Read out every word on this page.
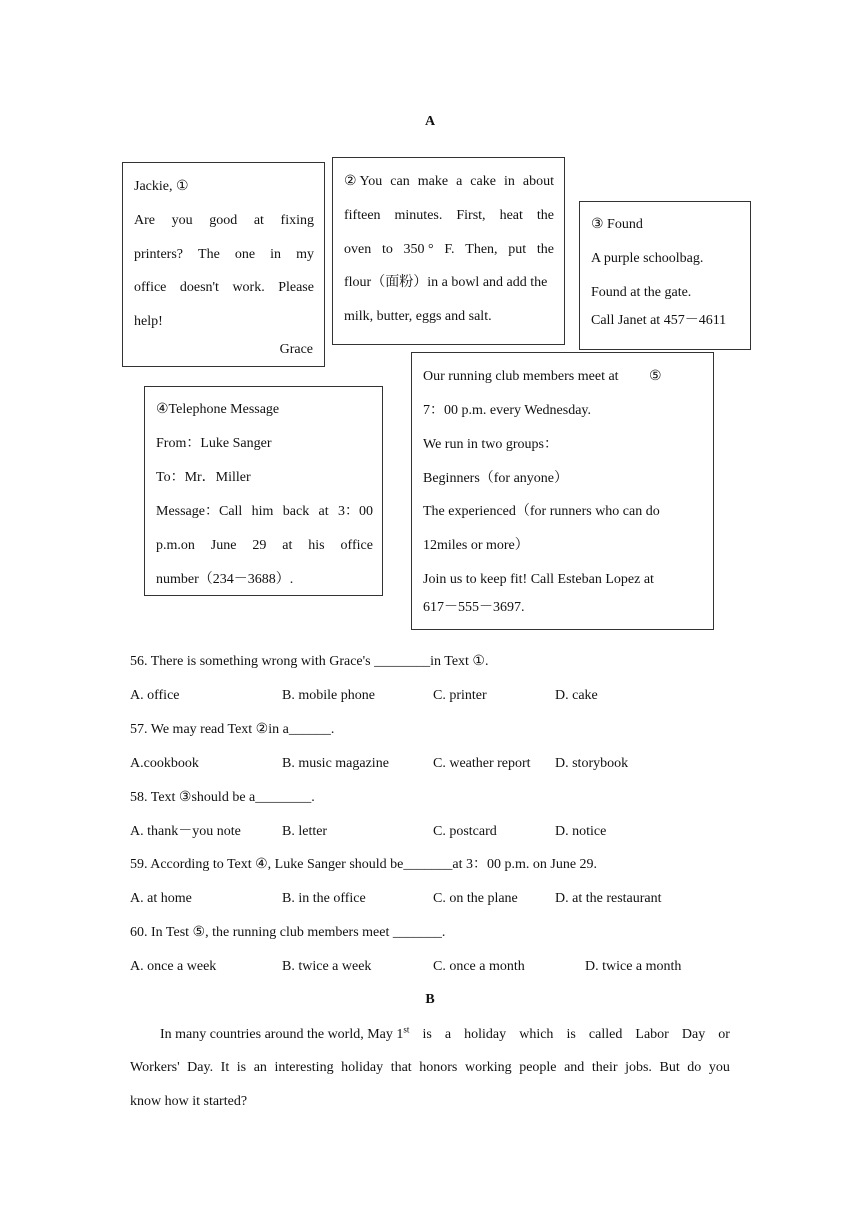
A
Jackie, ①
Are you good at fixing
printers? The one in my
office doesn't work. Please
help!
Grace
② You can make a cake in about
fifteen minutes. First, heat the
oven to 350 ° F. Then, put the
flour（面粉）in a bowl and add the
milk, butter, eggs and salt.
③ Found
A purple schoolbag.
Found at the gate.
Call Janet at 457－4611
④Telephone Message
From：Luke Sanger
To：Mr．Miller
Message：Call him back at 3：00
p.m.on June 29 at his office
number（234－3688）.
Our running club members meet at ⑤
7：00 p.m. every Wednesday.
We run in two groups：
Beginners（for anyone）
The experienced（for runners who can do
12miles or more）
Join us to keep fit! Call Esteban Lopez at
617－555－3697.
56. There is something wrong with Grace's ________in Text ①.
A. office	B. mobile phone	C. printer	D. cake
57. We may read Text ②in a______.
A.cookbook	B. music magazine	C. weather report D. storybook
58. Text ③should be a________.
A. thank－you note	B. letter	C. postcard	D. notice
59. According to Text ④, Luke Sanger should be_______at 3：00 p.m. on June 29.
A. at home	B. in the office	C. on the plane	D. at the restaurant
60. In Test ⑤, the running club members meet _______.
A. once a week	B. twice a week	C. once a month	D. twice a month
B
In many countries around the world, May 1st is a holiday which is called Labor Day or
Workers' Day. It is an interesting holiday that honors working people and their jobs. But do you
know how it started?
